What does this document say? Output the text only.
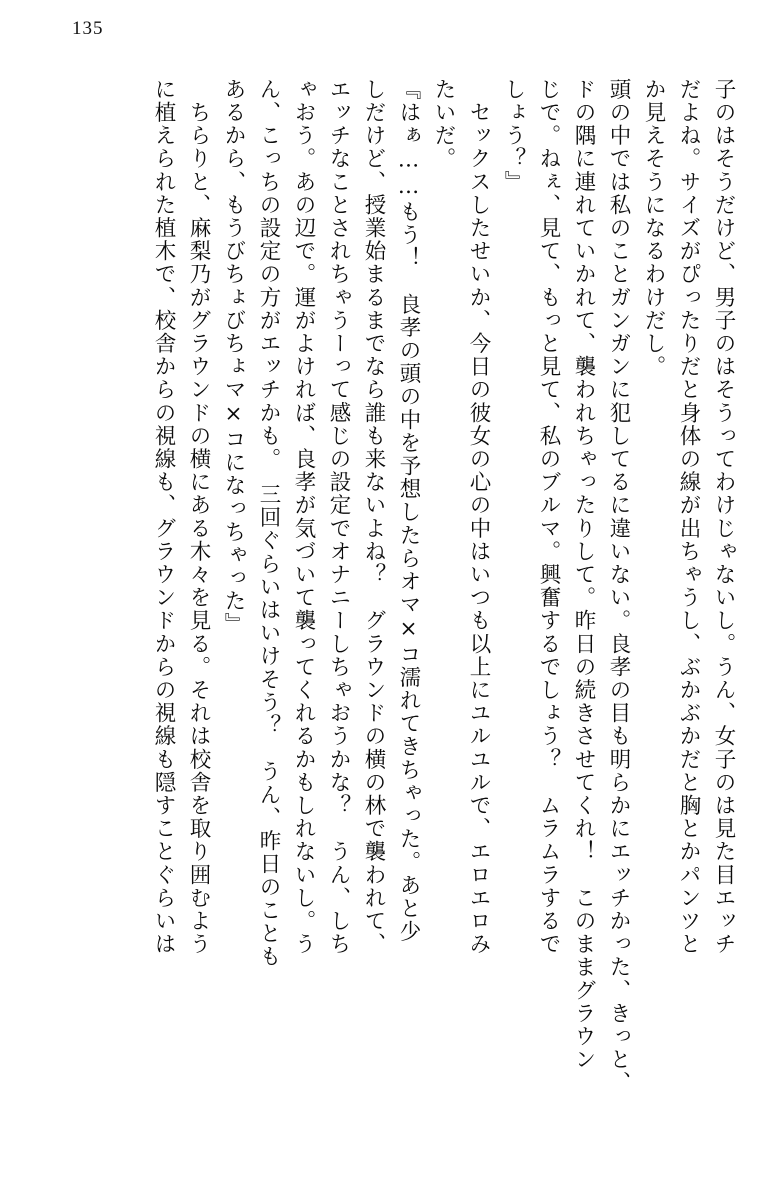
135
子のはそうだけど、男子のはそうってわけじゃないし。うん、女子のは見た目エッチ
だよね。サイズがぴったりだと身体の線が出ちゃうし、ぶかぶかだと胸とかパンツと
か見えそうになるわけだし。
頭の中では私のことガンガンに犯してるに違いない。良孝の目も明らかにエッチかった、きっと、
ドの隅に連れていかれて、襲われちゃったりして。昨日の続きさせてくれ！　このままグラウン
じで。ねぇ、見て、もっと見て、私のブルマ。興奮するでしょう？　ムラムラするで
しょう？』
　セックスしたせいか、今日の彼女の心の中はいつも以上にユルユルで、エロエロみ
たいだ。
『はぁ……もう！　良孝の頭の中を予想したらオマ×コ濡れてきちゃった。あと少
しだけど、授業始まるまでなら誰も来ないよね？　グラウンドの横の林で襲われて、
エッチなことされちゃうーって感じの設定でオナニーしちゃおうかな？　うん、しち
ゃおう。あの辺で。運がよければ、良孝が気づいて襲ってくれるかもしれないし。う
ん、こっちの設定の方がエッチかも。　三回ぐらいはいけそう？　うん、昨日のことも
あるから、もうびちょびちょマ×コになっちゃった』
　ちらりと、麻梨乃がグラウンドの横にある木々を見る。それは校舎を取り囲むよう
に植えられた植木で、校舎からの視線も、グラウンドからの視線も隠すことぐらいは
